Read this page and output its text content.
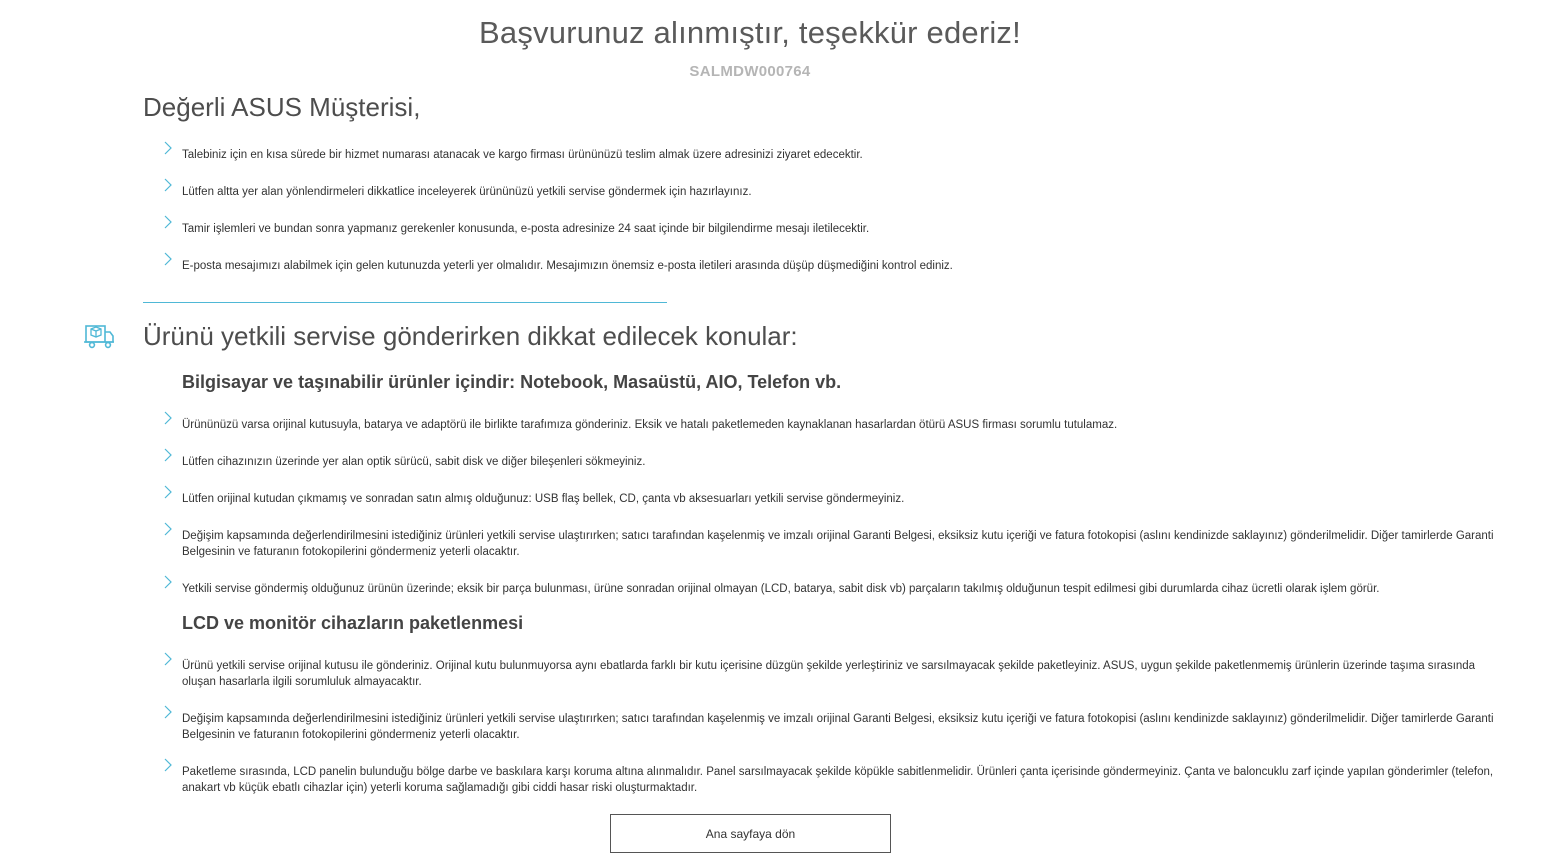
Başvurunuz alınmıştır, teşekkür ederiz!
SALMDW000764
Değerli ASUS Müşterisi,

Talebiniz için en kısa sürede bir hizmet numarası atanacak ve kargo firması ürününüzü teslim almak üzere adresinizi ziyaret edecektir.

Lütfen altta yer alan yönlendirmeleri dikkatlice inceleyerek ürününüzü yetkili servise göndermek için hazırlayınız.

Tamir işlemleri ve bundan sonra yapmanız gerekenler konusunda, e-posta adresinize 24 saat içinde bir bilgilendirme mesajı iletilecektir.

E-posta mesajımızı alabilmek için gelen kutunuzda yeterli yer olmalıdır. Mesajımızın önemsiz e-posta iletileri arasında düşüp düşmediğini kontrol ediniz.

Ürünü yetkili servise gönderirken dikkat edilecek konular:
Bilgisayar ve taşınabilir ürünler içindir: Notebook, Masaüstü, AIO, Telefon vb.

Ürününüzü varsa orijinal kutusuyla, batarya ve adaptörü ile birlikte tarafımıza gönderiniz. Eksik ve hatalı paketlemeden kaynaklanan hasarlardan ötürü ASUS firması sorumlu tutulamaz.

Lütfen cihazınızın üzerinde yer alan optik sürücü, sabit disk ve diğer bileşenleri sökmeyiniz.

Lütfen orijinal kutudan çıkmamış ve sonradan satın almış olduğunuz: USB flaş bellek, CD, çanta vb aksesuarları yetkili servise göndermeyiniz.

Değişim kapsamında değerlendirilmesini istediğiniz ürünleri yetkili servise ulaştırırken; satıcı tarafından kaşelenmiş ve imzalı orijinal Garanti Belgesi, eksiksiz kutu içeriği ve fatura fotokopisi (aslını kendinizde saklayınız) gönderilmelidir. Diğer tamirlerde Garanti Belgesinin ve faturanın fotokopilerini göndermeniz yeterli olacaktır.

Yetkili servise göndermiş olduğunuz ürünün üzerinde; eksik bir parça bulunması, ürüne sonradan orijinal olmayan (LCD, batarya, sabit disk vb) parçaların takılmış olduğunun tespit edilmesi gibi durumlarda cihaz ücretli olarak işlem görür.

LCD ve monitör cihazların paketlenmesi

Ürünü yetkili servise orijinal kutusu ile gönderiniz. Orijinal kutu bulunmuyorsa aynı ebatlarda farklı bir kutu içerisine düzgün şekilde yerleştiriniz ve sarsılmayacak şekilde paketleyiniz. ASUS, uygun şekilde paketlenmemiş ürünlerin üzerinde taşıma sırasında oluşan hasarlarla ilgili sorumluluk almayacaktır.

Değişim kapsamında değerlendirilmesini istediğiniz ürünleri yetkili servise ulaştırırken; satıcı tarafından kaşelenmiş ve imzalı orijinal Garanti Belgesi, eksiksiz kutu içeriği ve fatura fotokopisi (aslını kendinizde saklayınız) gönderilmelidir. Diğer tamirlerde Garanti Belgesinin ve faturanın fotokopilerini göndermeniz yeterli olacaktır.

Paketleme sırasında, LCD panelin bulunduğu bölge darbe ve baskılara karşı koruma altına alınmalıdır. Panel sarsılmayacak şekilde köpükle sabitlenmelidir. Ürünleri çanta içerisinde göndermeyiniz. Çanta ve baloncuklu zarf içinde yapılan gönderimler (telefon, anakart vb küçük ebatlı cihazlar için) yeterli koruma sağlamadığı gibi ciddi hasar riski oluşturmaktadır.

Ana sayfaya dön
